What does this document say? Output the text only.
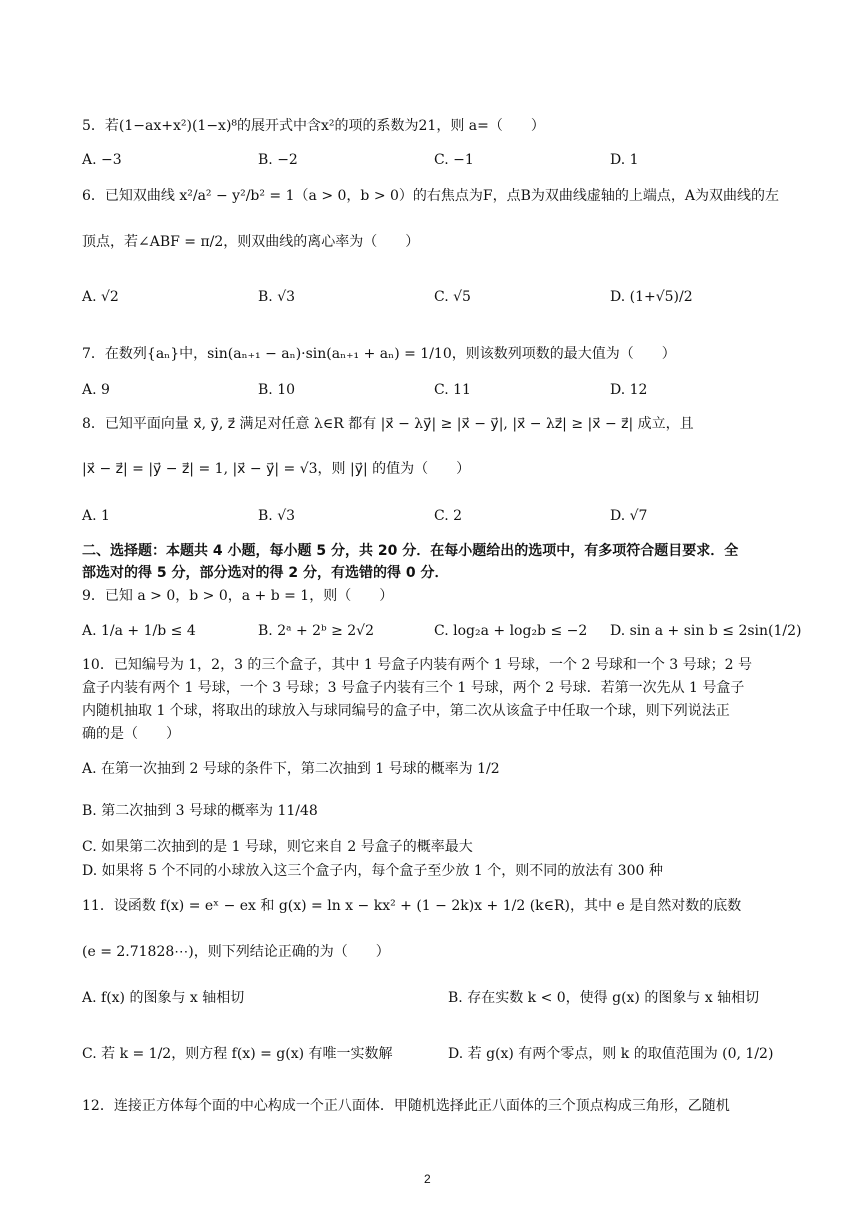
5．若(1−ax+x²)(1−x)⁸的展开式中含x²的项的系数为21，则 a=（　　）
A. −3	B. −2	C. −1	D. 1
6．已知双曲线 x²/a² − y²/b² = 1（a > 0，b > 0）的右焦点为F，点B为双曲线虚轴的上端点，A为双曲线的左
顶点，若∠ABF = π/2，则双曲线的离心率为（　　）
A. √2	B. √3	C. √5	D. (1+√5)/2
7．在数列{aₙ}中，sin(aₙ₊₁ − aₙ)·sin(aₙ₊₁ + aₙ) = 1/10，则该数列项数的最大值为（　　）
A. 9	B. 10	C. 11	D. 12
8．已知平面向量 x⃗, y⃗, z⃗ 满足对任意 λ∈R 都有 |x⃗ − λy⃗| ≥ |x⃗ − y⃗|, |x⃗ − λz⃗| ≥ |x⃗ − z⃗| 成立，且
|x⃗ − z⃗| = |y⃗ − z⃗| = 1, |x⃗ − y⃗| = √3，则 |y⃗| 的值为（　　）
A. 1	B. √3	C. 2	D. √7
二、选择题：本题共 4 小题，每小题 5 分，共 20 分．在每小题给出的选项中，有多项符合题目要求．全
部选对的得 5 分，部分选对的得 2 分，有选错的得 0 分．
9．已知 a > 0，b > 0，a + b = 1，则（　　）
A. 1/a + 1/b ≤ 4	B. 2ᵃ + 2ᵇ ≥ 2√2	C. log₂a + log₂b ≤ −2 D. sin a + sin b ≤ 2sin(1/2)
10．已知编号为 1，2，3 的三个盒子，其中 1 号盒子内装有两个 1 号球，一个 2 号球和一个 3 号球；2 号
盒子内装有两个 1 号球，一个 3 号球；3 号盒子内装有三个 1 号球，两个 2 号球．若第一次先从 1 号盒子
内随机抽取 1 个球，将取出的球放入与球同编号的盒子中，第二次从该盒子中任取一个球，则下列说法正
确的是（　　）
A. 在第一次抽到 2 号球的条件下，第二次抽到 1 号球的概率为 1/2
B. 第二次抽到 3 号球的概率为 11/48
C. 如果第二次抽到的是 1 号球，则它来自 2 号盒子的概率最大
D. 如果将 5 个不同的小球放入这三个盒子内，每个盒子至少放 1 个，则不同的放法有 300 种
11．设函数 f(x) = eˣ − ex 和 g(x) = ln x − kx² + (1 − 2k)x + 1/2 (k∈R)，其中 e 是自然对数的底数
(e = 2.71828⋯)，则下列结论正确的为（　　）
A. f(x) 的图象与 x 轴相切	B. 存在实数 k < 0，使得 g(x) 的图象与 x 轴相切
C. 若 k = 1/2，则方程 f(x) = g(x) 有唯一实数解	D. 若 g(x) 有两个零点，则 k 的取值范围为 (0, 1/2)
12．连接正方体每个面的中心构成一个正八面体．甲随机选择此正八面体的三个顶点构成三角形，乙随机
2
